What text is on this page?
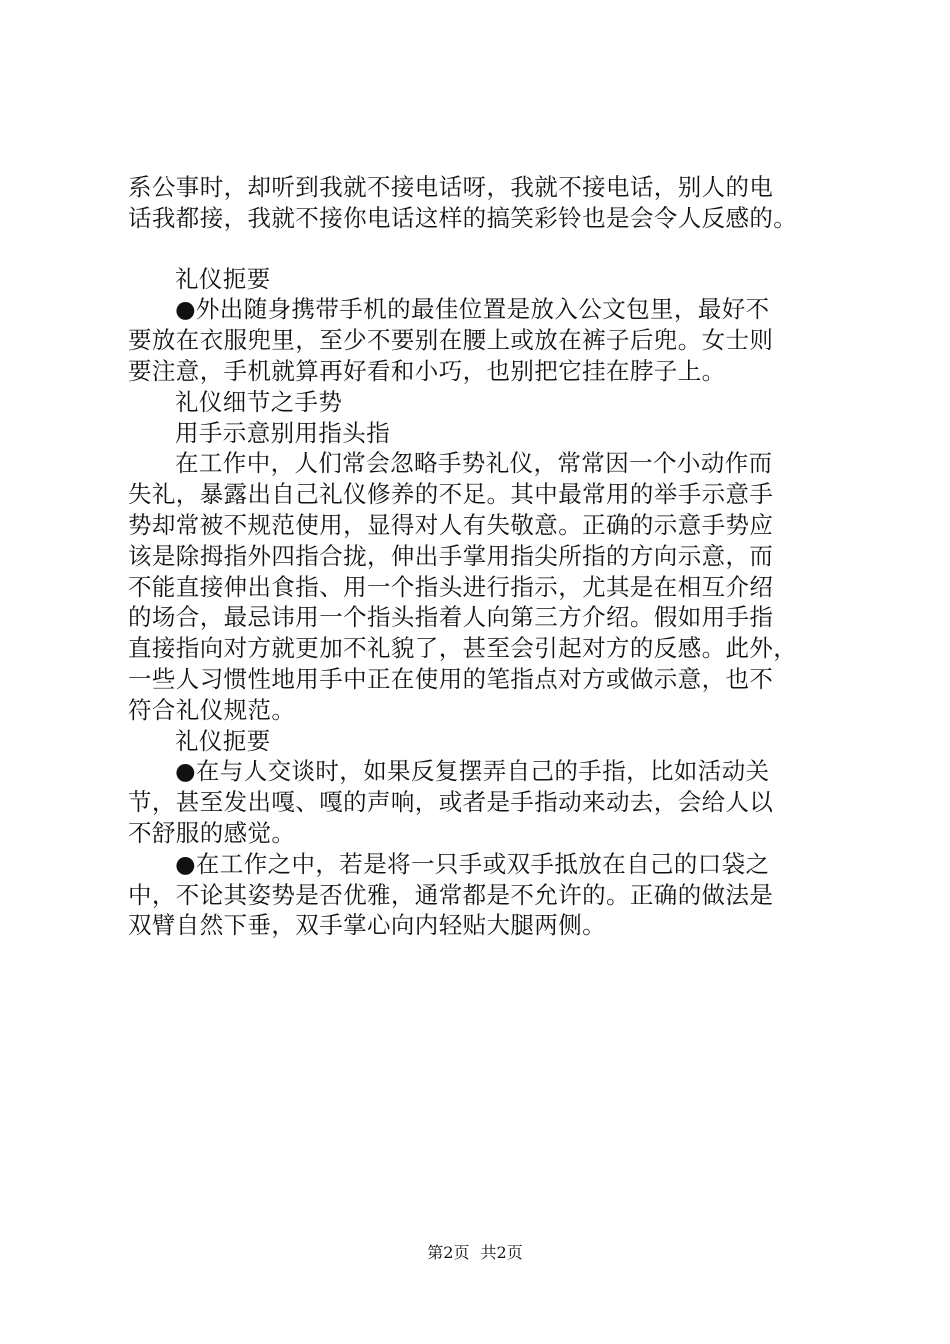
系公事时，却听到我就不接电话呀，我就不接电话，别人的电
话我都接，我就不接你电话这样的搞笑彩铃也是会令人反感的。
礼仪扼要
●外出随身携带手机的最佳位置是放入公文包里，最好不
要放在衣服兜里，至少不要别在腰上或放在裤子后兜。女士则
要注意，手机就算再好看和小巧，也别把它挂在脖子上。
礼仪细节之手势
用手示意别用指头指
在工作中，人们常会忽略手势礼仪，常常因一个小动作而
失礼，暴露出自己礼仪修养的不足。其中最常用的举手示意手
势却常被不规范使用，显得对人有失敬意。正确的示意手势应
该是除拇指外四指合拢，伸出手掌用指尖所指的方向示意，而
不能直接伸出食指、用一个指头进行指示，尤其是在相互介绍
的场合，最忌讳用一个指头指着人向第三方介绍。假如用手指
直接指向对方就更加不礼貌了，甚至会引起对方的反感。此外，
一些人习惯性地用手中正在使用的笔指点对方或做示意，也不
符合礼仪规范。
礼仪扼要
●在与人交谈时，如果反复摆弄自己的手指，比如活动关
节，甚至发出嘎、嘎的声响，或者是手指动来动去，会给人以
不舒服的感觉。
●在工作之中，若是将一只手或双手抵放在自己的口袋之
中，不论其姿势是否优雅，通常都是不允许的。正确的做法是
双臂自然下垂，双手掌心向内轻贴大腿两侧。
第2页 共2页
